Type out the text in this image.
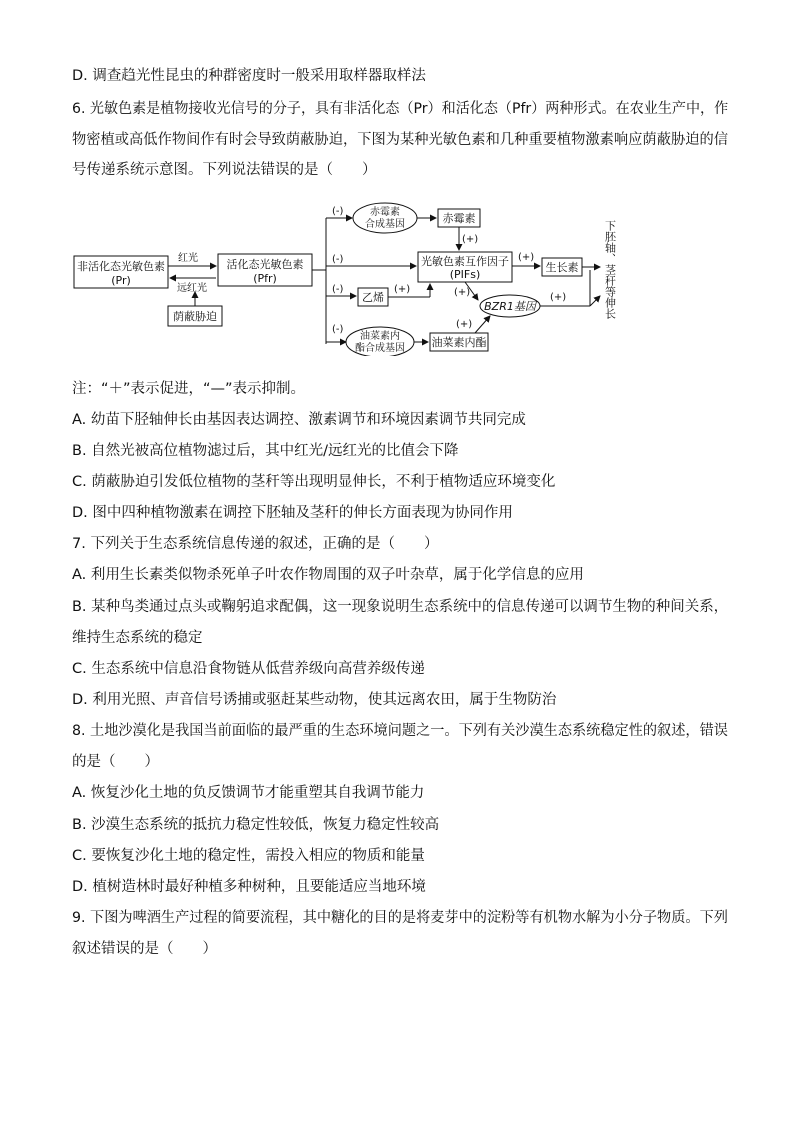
D. 调查趋光性昆虫的种群密度时一般采用取样器取样法
6. 光敏色素是植物接收光信号的分子，具有非活化态（Pr）和活化态（Pfr）两种形式。在农业生产中，作
物密植或高低作物间作有时会导致荫蔽胁迫，下图为某种光敏色素和几种重要植物激素响应荫蔽胁迫的信
号传递系统示意图。下列说法错误的是（　　）
非活化态光敏色素
(Pr)
活化态光敏色素
(Pfr)
红光
远红光
荫蔽胁迫
(-)	赤霉素
合成基因	赤霉素
(+)
(-)	光敏色素互作因子
(PIFs)
(+)
生长素
(-)
乙烯
(+)	(+)
BZR1基因
(+)
(-)
油菜素内
酯合成基因 油菜素内酯
(+)
下胚轴、茎秆等伸长
注：“＋”表示促进，“—”表示抑制。
A. 幼苗下胫轴伸长由基因表达调控、激素调节和环境因素调节共同完成
B. 自然光被高位植物滤过后，其中红光/远红光的比值会下降
C. 荫蔽胁迫引发低位植物的茎秆等出现明显伸长，不利于植物适应环境变化
D. 图中四种植物激素在调控下胚轴及茎秆的伸长方面表现为协同作用
7. 下列关于生态系统信息传递的叙述，正确的是（　　）
A. 利用生长素类似物杀死单子叶农作物周围的双子叶杂草，属于化学信息的应用
B. 某种鸟类通过点头或鞠躬追求配偶，这一现象说明生态系统中的信息传递可以调节生物的种间关系，
维持生态系统的稳定
C. 生态系统中信息沿食物链从低营养级向高营养级传递
D. 利用光照、声音信号诱捕或驱赶某些动物，使其远离农田，属于生物防治
8. 土地沙漠化是我国当前面临的最严重的生态环境问题之一。下列有关沙漠生态系统稳定性的叙述，错误
的是（　　）
A. 恢复沙化土地的负反馈调节才能重塑其自我调节能力
B. 沙漠生态系统的抵抗力稳定性较低，恢复力稳定性较高
C. 要恢复沙化土地的稳定性，需投入相应的物质和能量
D. 植树造林时最好种植多种树种，且要能适应当地环境
9. 下图为啤酒生产过程的简要流程，其中糖化的目的是将麦芽中的淀粉等有机物水解为小分子物质。下列
叙述错误的是（　　）
